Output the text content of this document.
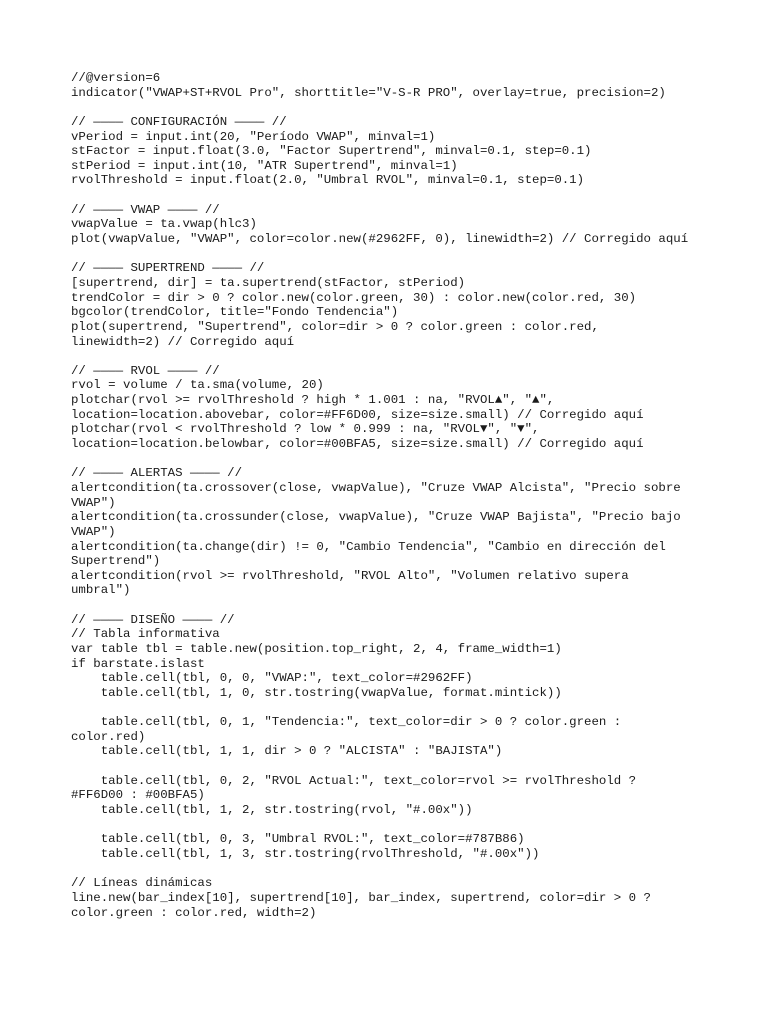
//@version=6
indicator("VWAP+ST+RVOL Pro", shorttitle="V-S-R PRO", overlay=true, precision=2)
// ———— CONFIGURACIÓN ———— //
vPeriod = input.int(20, "Período VWAP", minval=1)
stFactor = input.float(3.0, "Factor Supertrend", minval=0.1, step=0.1)
stPeriod = input.int(10, "ATR Supertrend", minval=1)
rvolThreshold = input.float(2.0, "Umbral RVOL", minval=0.1, step=0.1)
// ———— VWAP ———— //
vwapValue = ta.vwap(hlc3)
plot(vwapValue, "VWAP", color=color.new(#2962FF, 0), linewidth=2) // Corregido aquí
// ———— SUPERTREND ———— //
[supertrend, dir] = ta.supertrend(stFactor, stPeriod)
trendColor = dir > 0 ? color.new(color.green, 30) : color.new(color.red, 30)
bgcolor(trendColor, title="Fondo Tendencia")
plot(supertrend, "Supertrend", color=dir > 0 ? color.green : color.red,
linewidth=2) // Corregido aquí
// ———— RVOL ———— //
rvol = volume / ta.sma(volume, 20)
plotchar(rvol >= rvolThreshold ? high * 1.001 : na, "RVOL▲", "▲",
location=location.abovebar, color=#FF6D00, size=size.small) // Corregido aquí
plotchar(rvol < rvolThreshold ? low * 0.999 : na, "RVOL▼", "▼",
location=location.belowbar, color=#00BFA5, size=size.small) // Corregido aquí
// ———— ALERTAS ———— //
alertcondition(ta.crossover(close, vwapValue), "Cruze VWAP Alcista", "Precio sobre
VWAP")
alertcondition(ta.crossunder(close, vwapValue), "Cruze VWAP Bajista", "Precio bajo
VWAP")
alertcondition(ta.change(dir) != 0, "Cambio Tendencia", "Cambio en dirección del
Supertrend")
alertcondition(rvol >= rvolThreshold, "RVOL Alto", "Volumen relativo supera
umbral")
// ———— DISEÑO ———— //
// Tabla informativa
var table tbl = table.new(position.top_right, 2, 4, frame_width=1)
if barstate.islast
table.cell(tbl, 0, 0, "VWAP:", text_color=#2962FF)
table.cell(tbl, 1, 0, str.tostring(vwapValue, format.mintick))
table.cell(tbl, 0, 1, "Tendencia:", text_color=dir > 0 ? color.green :
color.red)
table.cell(tbl, 1, 1, dir > 0 ? "ALCISTA" : "BAJISTA")
table.cell(tbl, 0, 2, "RVOL Actual:", text_color=rvol >= rvolThreshold ?
#FF6D00 : #00BFA5)
table.cell(tbl, 1, 2, str.tostring(rvol, "#.00x"))
table.cell(tbl, 0, 3, "Umbral RVOL:", text_color=#787B86)
table.cell(tbl, 1, 3, str.tostring(rvolThreshold, "#.00x"))
// Líneas dinámicas
line.new(bar_index[10], supertrend[10], bar_index, supertrend, color=dir > 0 ?
color.green : color.red, width=2)
